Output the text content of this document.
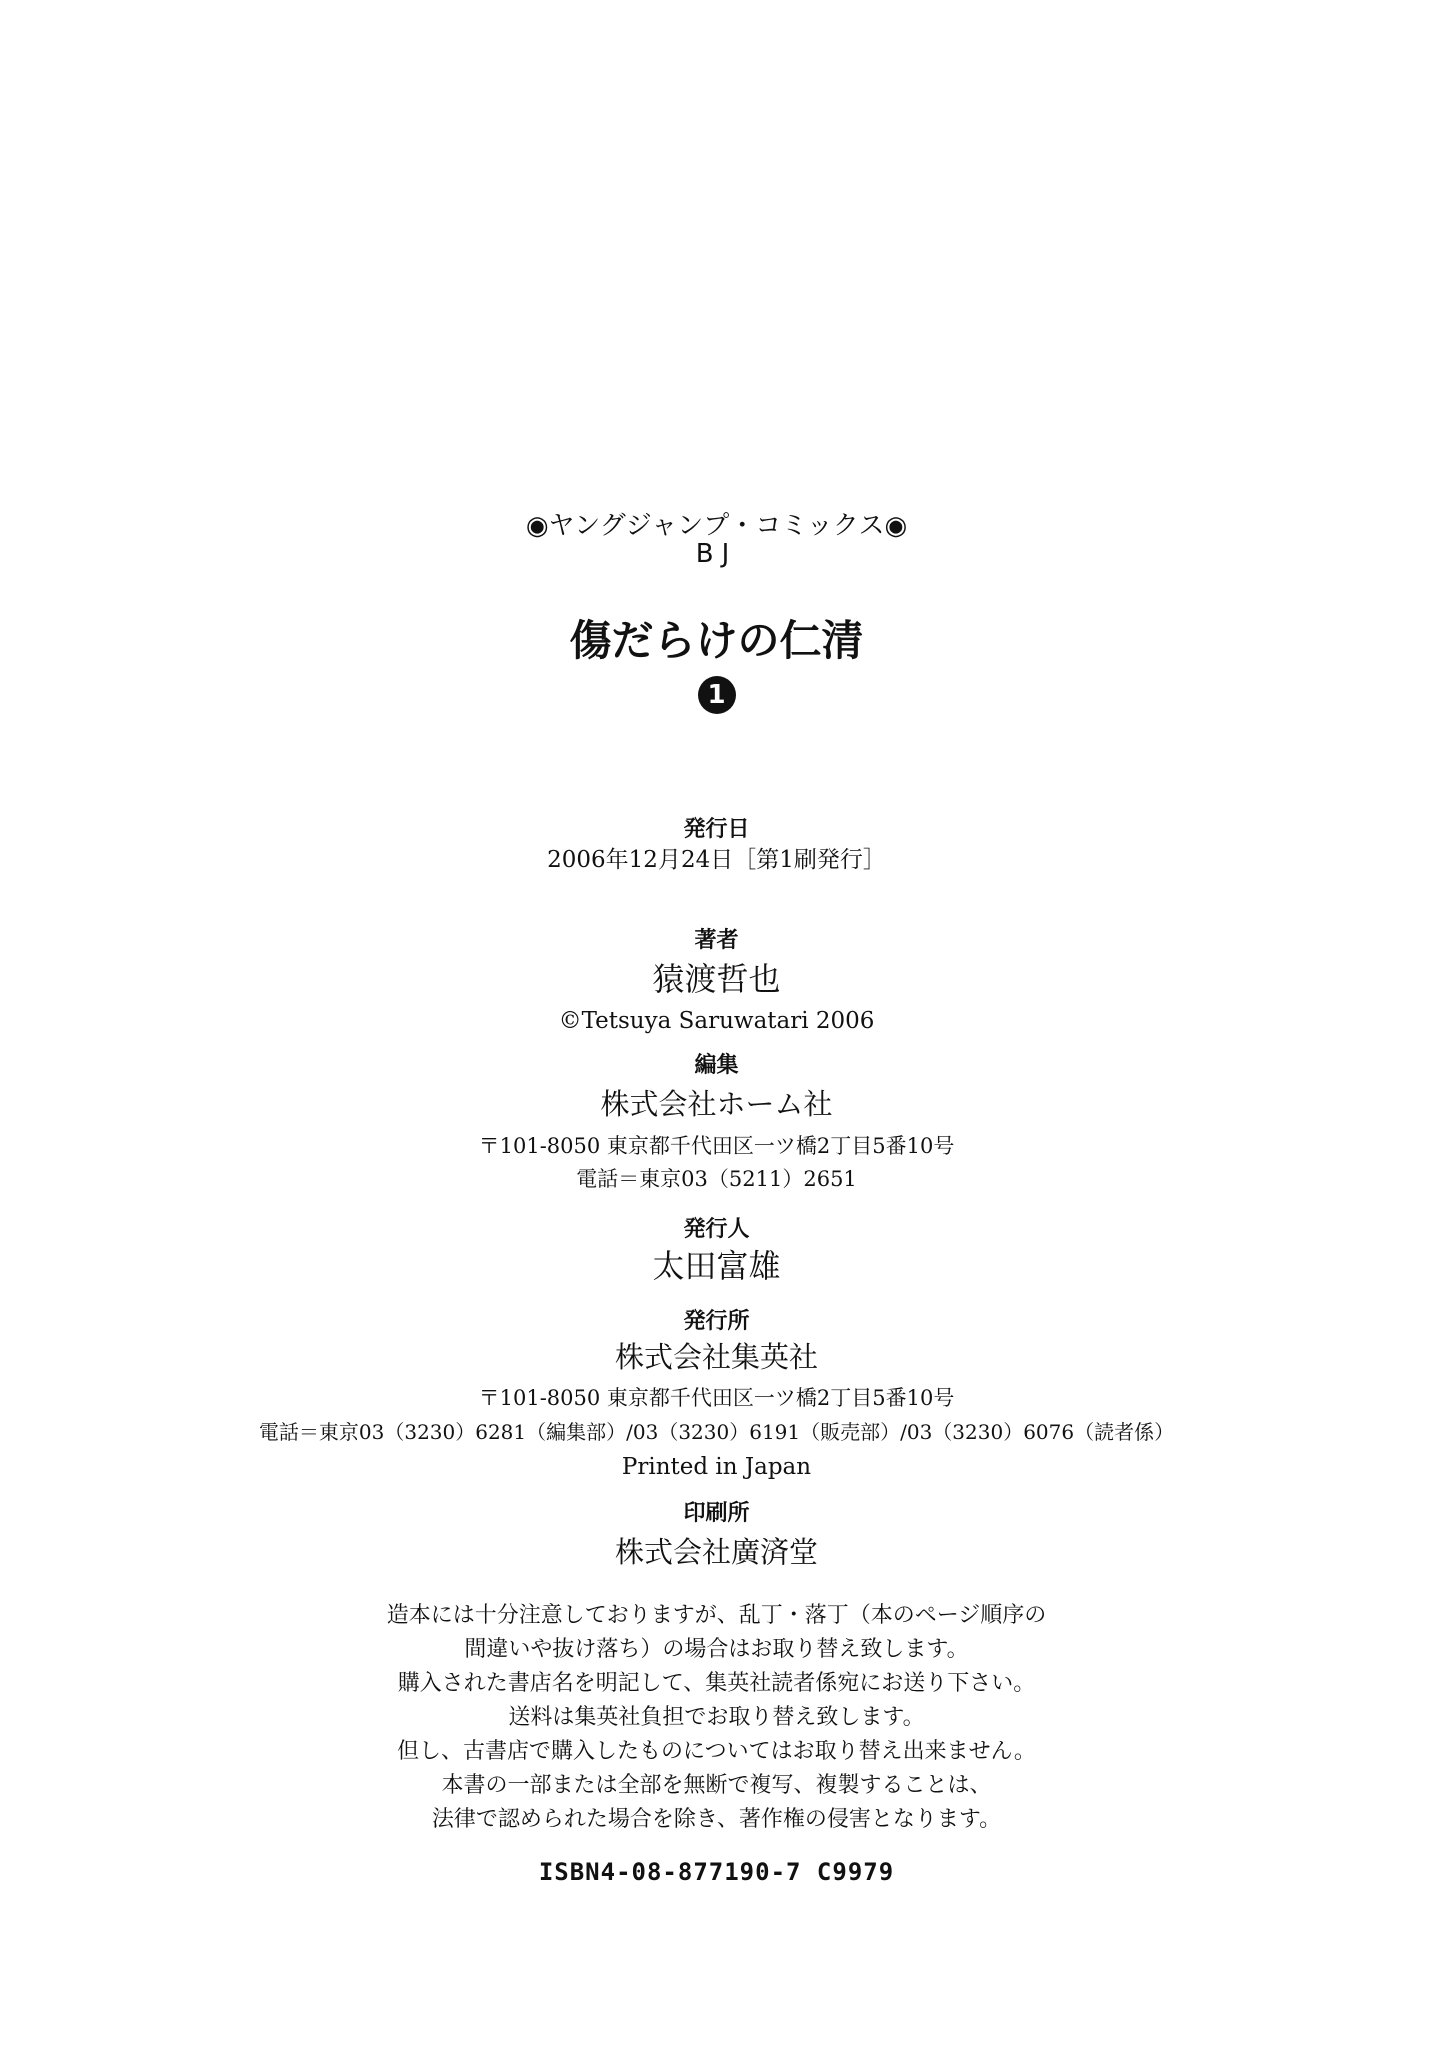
◉ヤングジャンプ・コミックス◉
BJ
傷だらけの仁清
1
発行日
2006年12月24日［第1刷発行］
著者
猿渡哲也
©Tetsuya Saruwatari 2006
編集
株式会社ホーム社
〒101-8050 東京都千代田区一ツ橋2丁目5番10号
電話＝東京03（5211）2651
発行人
太田富雄
発行所
株式会社集英社
〒101-8050 東京都千代田区一ツ橋2丁目5番10号
電話＝東京03（3230）6281（編集部）/03（3230）6191（販売部）/03（3230）6076（読者係）
Printed in Japan
印刷所
株式会社廣済堂
造本には十分注意しておりますが、乱丁・落丁（本のページ順序の
間違いや抜け落ち）の場合はお取り替え致します。
購入された書店名を明記して、集英社読者係宛にお送り下さい。
送料は集英社負担でお取り替え致します。
但し、古書店で購入したものについてはお取り替え出来ません。
本書の一部または全部を無断で複写、複製することは、
法律で認められた場合を除き、著作権の侵害となります。
ISBN4-08-877190-7 C9979
